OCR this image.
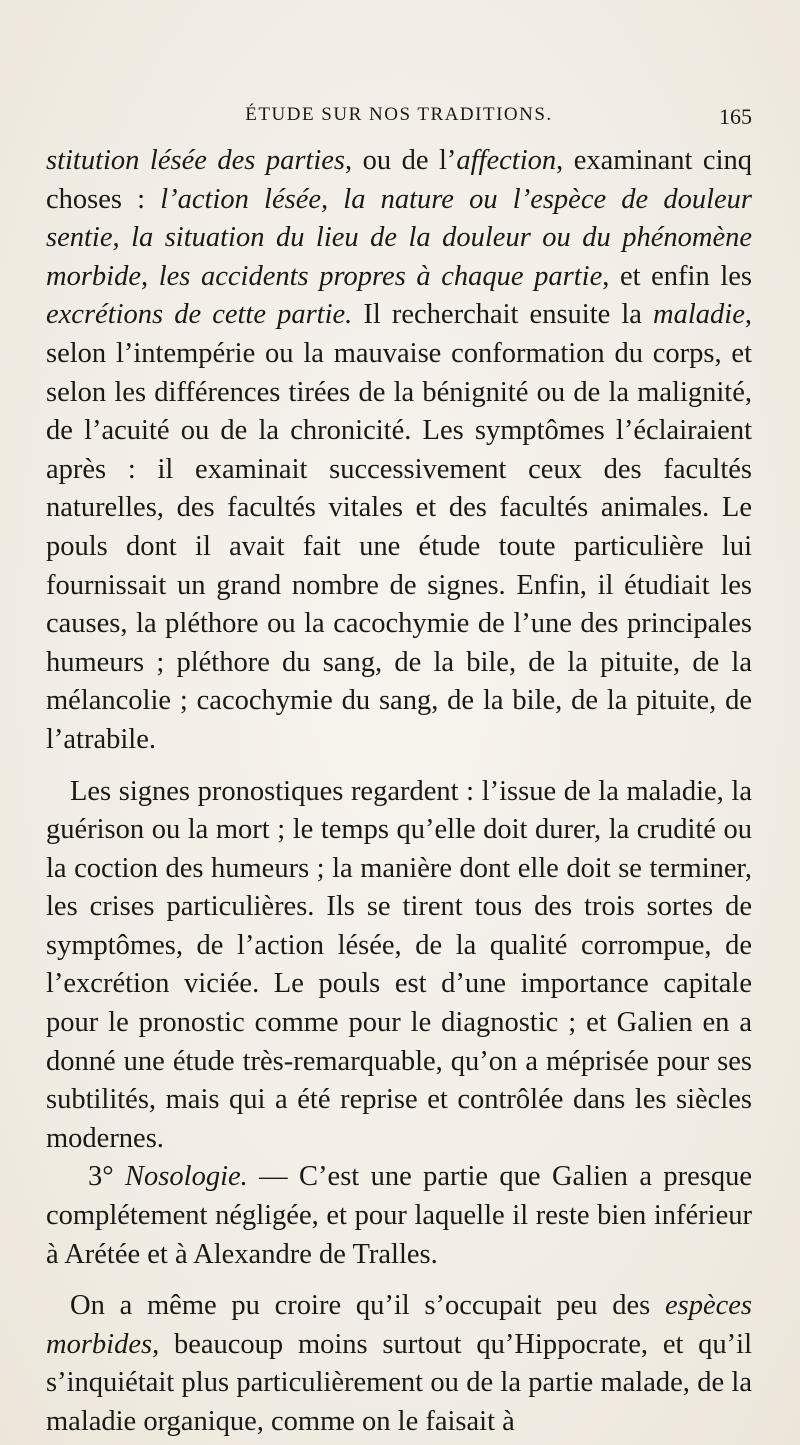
ÉTUDE SUR NOS TRADITIONS.	165

stitution lésée des parties, ou de l’affection, examinant cinq choses : l’action lésée, la nature ou l’espèce de douleur sentie, la situation du lieu de la douleur ou du phénomène morbide, les accidents propres à chaque partie, et enfin les excrétions de cette partie. Il recherchait ensuite la maladie, selon l’intempérie ou la mauvaise conformation du corps, et selon les différences tirées de la bénignité ou de la malignité, de l’acuité ou de la chronicité. Les symptômes l’éclairaient après : il examinait successivement ceux des facultés naturelles, des facultés vitales et des facultés animales. Le pouls dont il avait fait une étude toute particulière lui fournissait un grand nombre de signes. Enfin, il étudiait les causes, la pléthore ou la cacochymie de l’une des principales humeurs ; pléthore du sang, de la bile, de la pituite, de la mélancolie ; cacochymie du sang, de la bile, de la pituite, de l’atrabile.

Les signes pronostiques regardent : l’issue de la maladie, la guérison ou la mort ; le temps qu’elle doit durer, la crudité ou la coction des humeurs ; la manière dont elle doit se terminer, les crises particulières. Ils se tirent tous des trois sortes de symptômes, de l’action lésée, de la qualité corrompue, de l’excrétion viciée. Le pouls est d’une importance capitale pour le pronostic comme pour le diagnostic ; et Galien en a donné une étude très-remarquable, qu’on a méprisée pour ses subtilités, mais qui a été reprise et contrôlée dans les siècles modernes.

3° Nosologie. — C’est une partie que Galien a presque complétement négligée, et pour laquelle il reste bien inférieur à Arétée et à Alexandre de Tralles.

On a même pu croire qu’il s’occupait peu des espèces morbides, beaucoup moins surtout qu’Hippocrate, et qu’il s’inquiétait plus particulièrement ou de la partie malade, de la maladie organique, comme on le faisait à
